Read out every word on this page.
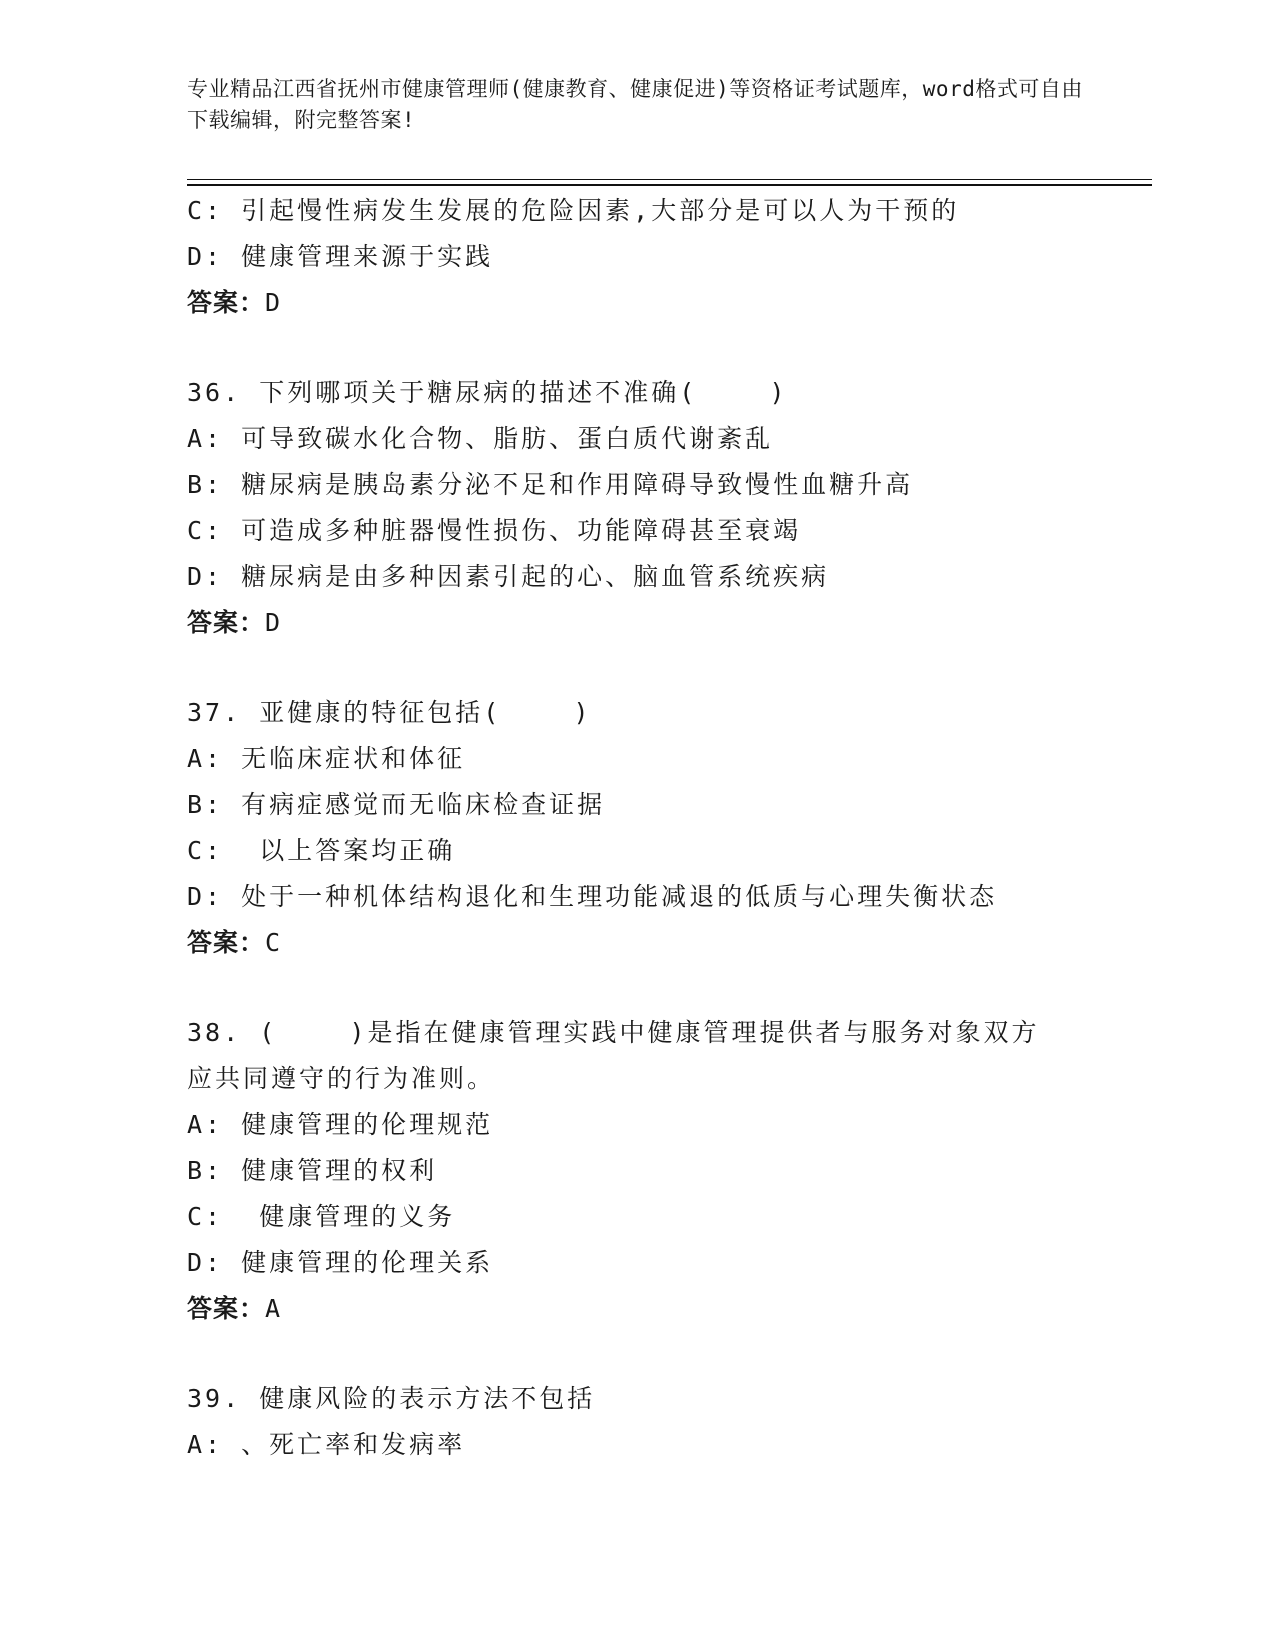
专业精品江西省抚州市健康管理师(健康教育、健康促进)等资格证考试题库，word格式可自由下载编辑，附完整答案!
C: 引起慢性病发生发展的危险因素,大部分是可以人为干预的
D: 健康管理来源于实践
答案：D
36. 下列哪项关于糖尿病的描述不准确(    )
A: 可导致碳水化合物、脂肪、蛋白质代谢紊乱
B: 糖尿病是胰岛素分泌不足和作用障碍导致慢性血糖升高
C: 可造成多种脏器慢性损伤、功能障碍甚至衰竭
D: 糖尿病是由多种因素引起的心、脑血管系统疾病
答案：D
37. 亚健康的特征包括(    )
A: 无临床症状和体征
B: 有病症感觉而无临床检查证据
C:  以上答案均正确
D: 处于一种机体结构退化和生理功能减退的低质与心理失衡状态
答案：C
38. (    )是指在健康管理实践中健康管理提供者与服务对象双方应共同遵守的行为准则。
A: 健康管理的伦理规范
B: 健康管理的权利
C:  健康管理的义务
D: 健康管理的伦理关系
答案：A
39. 健康风险的表示方法不包括
A: 、死亡率和发病率
